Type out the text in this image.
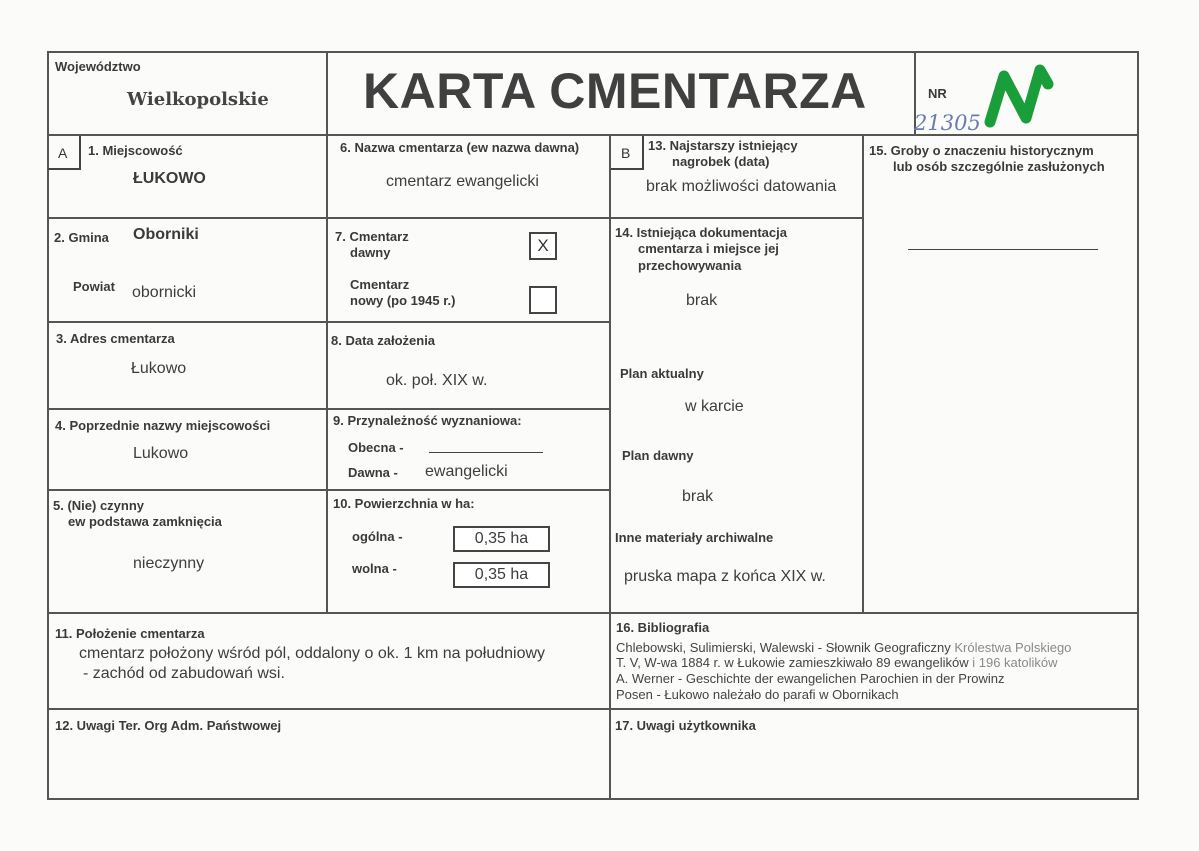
Województwo
Wielkopolskie KARTA CMENTARZA	NR
21305
A 1. Miejscowość
ŁUKOWO
2. Gmina Oborniki
Powiat obornicki
3. Adres cmentarza
Łukowo
4. Poprzednie nazwy miejscowości
Lukowo
5. (Nie) czynny
ew podstawa zamknięcia
nieczynny
6. Nazwa cmentarza (ew nazwa dawna)
cmentarz ewangelicki
7. Cmentarz
dawny	X
Cmentarz
nowy (po 1945 r.)
8. Data założenia
ok. poł. XIX w.
9. Przynależność wyznaniowa:
Obecna -
Dawna - ewangelicki
10. Powierzchnia w ha:
ogólna -	0,35 ha
wolna -	0,35 ha
B 13. Najstarszy istniejący
nagrobek (data)
brak możliwości datowania
14. Istniejąca dokumentacja
cmentarza i miejsce jej
przechowywania
brak
Plan aktualny
w karcie
Plan dawny
brak
Inne materiały archiwalne
pruska mapa z końca XIX w.
15. Groby o znaczeniu historycznym
lub osób szczególnie zasłużonych
11. Położenie cmentarza
cmentarz położony wśród pól, oddalony o ok. 1 km na południowy
- zachód od zabudowań wsi.
16. Bibliografia
Chlebowski, Sulimierski, Walewski - Słownik Geograficzny Królestwa Polskiego
T. V, W-wa 1884 r. w Łukowie zamieszkiwało 89 ewangelików i 196 katolików
A. Werner - Geschichte der ewangelichen Parochien in der Prowinz
Posen - Łukowo należało do parafi w Obornikach
12. Uwagi Ter. Org Adm. Państwowej	17. Uwagi użytkownika
